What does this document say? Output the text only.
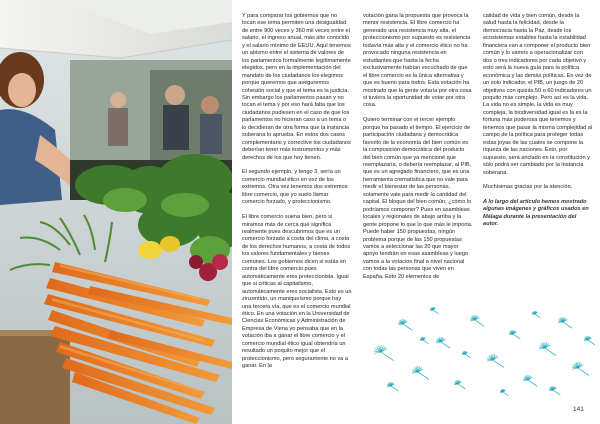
Y para comparar los gobiernos que no tocan ese tema permiten una desigualdad de entre 900 veces y 360 mil veces entre el salario, el ingreso anual, más alto conocido y el salario mínimo de EEUU. Aquí tenemos un abismo entre el sistema de valores de los parlamentos formalmente legítimamente elegidos, pero en la implementación del mandato de los ciudadanos los elegimos porque queremos que aseguremos cohesión social y que el tema es la justicia. Sin embargo los parlamentos pasan y no tocan el tema y por eso hará falta que los ciudadanos pudiesen en el caso de que los parlamentos no hicieran caso a un tema o lo decidieran de otra forma que la instancia soberana lo aprueba. En estos dos casos complementario y corrective los ciudadanos deberían tener más instrumentos y más derechos de los que hoy tienen.

El segundo ejemplo, y tengo 3, sería un comercio mundial ético en vez de los extremos. Otra vez tenemos dos extremos: libre comercio, que yo suelo llamar comercio forzado, y proteccionismo.

El libre comercio suena bien, pero si miramos más de cerca qué significa realmente pues descubrimos que es un comercio forzado a costa del clima, a costa de los derechos humanos, a costa de todos los valores fundamentales y bienes comunes. Los gobiernos dicen si estás en contra del libre comercio pues automáticamente eres proteccionista. Igual que si criticas al capitalismo, automáticamente eres socialista. Esto es un zinzentido, un maniqueísmo porque hay una tercera vía, que es el comercio mundial ético. En una votación en la Universidad de Ciencias Económicas y Administración de Empresa de Viena yo pensaba que en la votación iba a ganar el libre comercio y el comercio mundial ético igual obtendría un resultado un poquito mejor que el proteccionismo, pero seguramente no va a ganar. En la

votación gana la propuesta que provoca la menor resistencia. El libre comercio ha generado una resistencia muy alta, el proteccionismo por supuesto es resistencia todavía más alta y el comercio ético no ha provocado ninguna resistencia en estudiantes que hasta la fecha exclusivamente habían escuchado de que el libre comercio es la única alternativa y que es bueno para todos. Esta votación ha mostrado que la gente votaría por otra cosa si tuviera la oportunidad de votar por otra cosa.

Quiero terminar con el tercer ejemplo porque ha pasado el tiempo. El ejercicio de participación ciudadana y democrática favorito de la economía del bien común es la composición democrática del producto del bien común que ya mencioné que reemplazaría, o debería reemplazar, al PIB, que es un agregado financiero, que es una herramienta crematística que no vale para medir el bienestar de las personas, solamente vale para medir la cantidad del capital. El bloque del bien común, ¿cómo lo podríamos componer? Pues en asambleas locales y regionales de abajo arriba y la gente propone lo que lo que más le importa. Puede haber 150 propuestas, ningún problema porque de las 150 propuestas vamos a seleccionar las 20 que mayor apoyo tendrán en esas asambleas y luego vamos a la votación final a nivel nacional con todas las personas que viven en España. Esto 20 elementos de

calidad de vida y bien común, desde la salud hasta la felicidad, desde la democracia hasta la Paz, desde los ecosistemas estables hasta la estabilidad financiera van a componer el producto bien común y lo vamos a operacionalizar con dos o tres indicadores por cada objetivo y esto será la nueva guía para la política económica y las demás políticas. En vez de un solo indicador, el PIB, un juego de 20 objetivos con quizás 50 o 60 indicadores un poquito más complejo. Pero así es la vida. La vida no es simple, la vida es muy compleja, la biodiversidad igual es la es la fortuna más poderosa que tenemos y tenemos que pasar la misma complejidad al campo de la política para proteger todas estas joyas de las cuales se compone la riqueza de las naciones. Esto, por supuesto, será anclado en la constitución y sólo podrá ser cambiado por la instancia soberana.

Muchísimas gracias por la atención.

A lo largo del artículo hemos mostrado algunas imágenes y gráficos usados en Málaga durante la presentación del autor.

141
